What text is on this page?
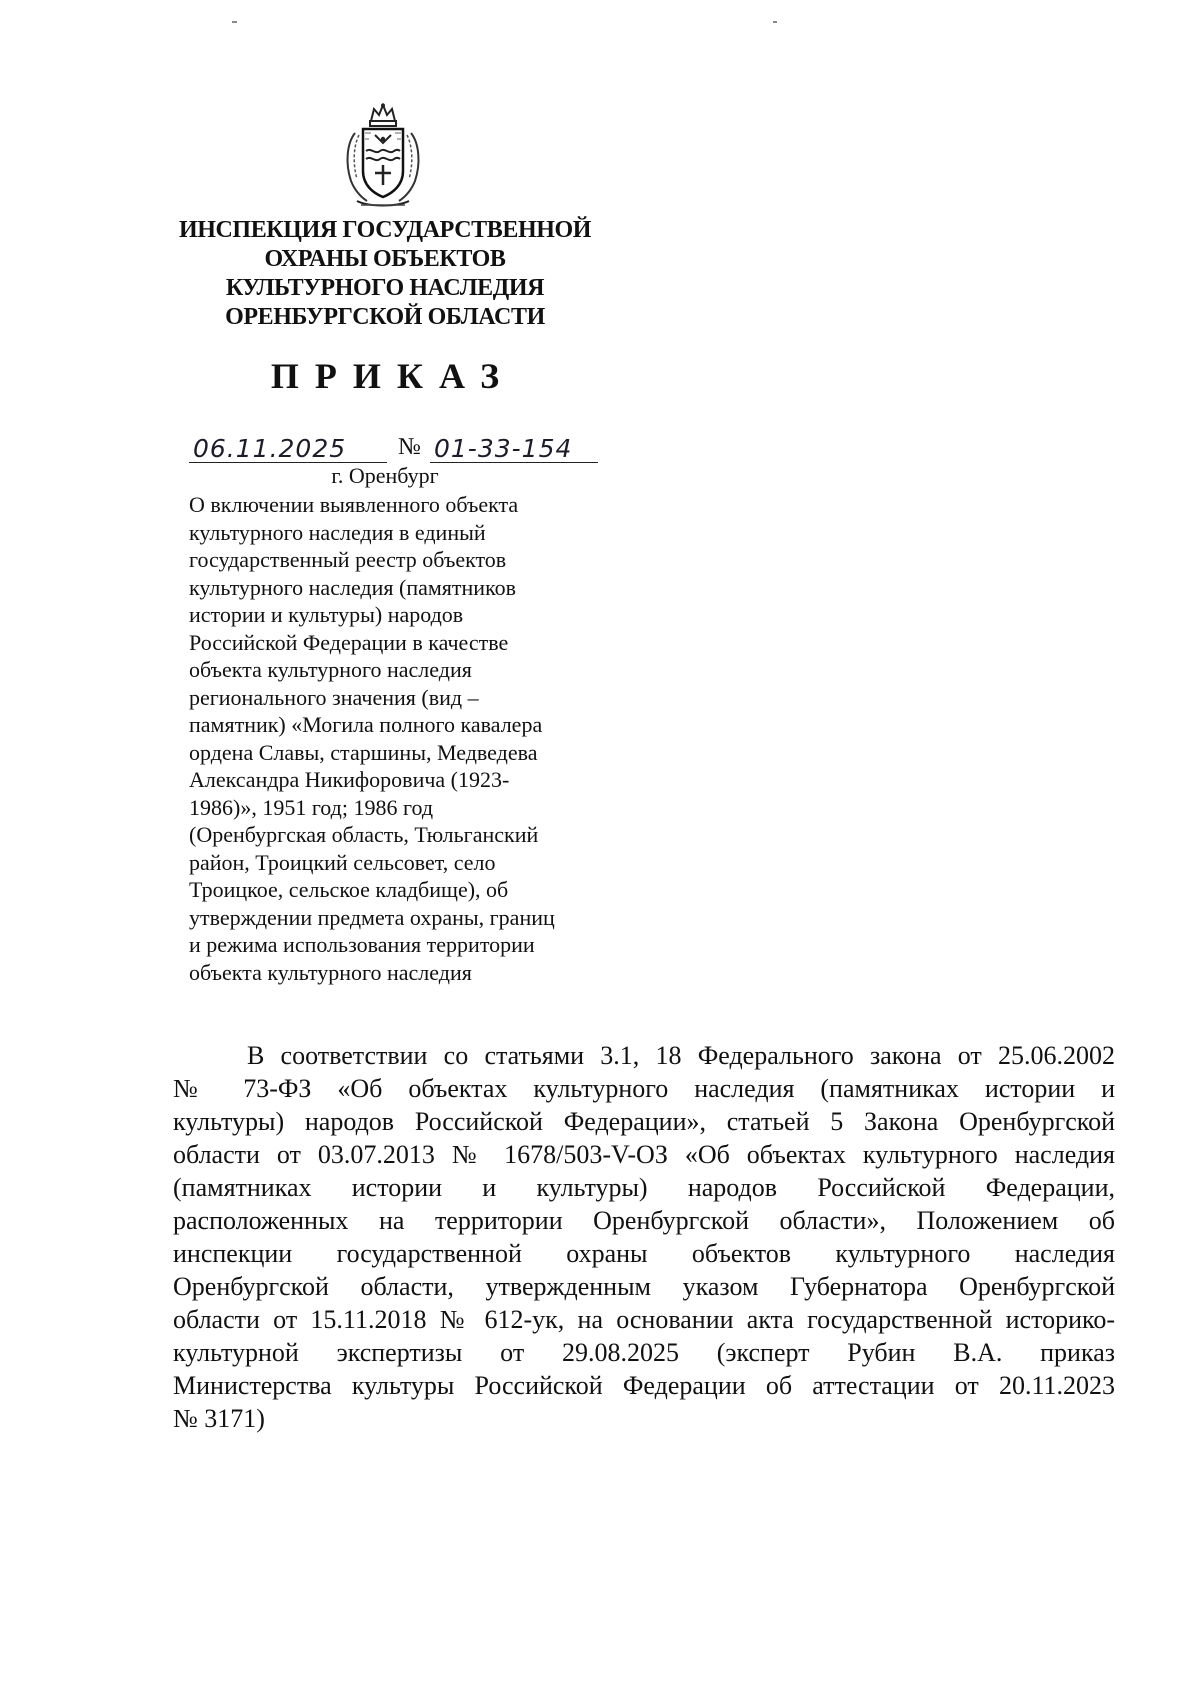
ИНСПЕКЦИЯ ГОСУДАРСТВЕННОЙ
ОХРАНЫ ОБЪЕКТОВ
КУЛЬТУРНОГО НАСЛЕДИЯ
ОРЕНБУРГСКОЙ ОБЛАСТИ
ПРИКАЗ
06.11.2025 № 01-33-154
г. Оренбург
О включении выявленного объекта
культурного наследия в единый
государственный реестр объектов
культурного наследия (памятников
истории и культуры) народов
Российской Федерации в качестве
объекта культурного наследия
регионального значения (вид –
памятник) «Могила полного кавалера
ордена Славы, старшины, Медведева
Александра Никифоровича (1923-
1986)», 1951 год; 1986 год
(Оренбургская область, Тюльганский
район, Троицкий сельсовет, село
Троицкое, сельское кладбище), об
утверждении предмета охраны, границ
и режима использования территории
объекта культурного наследия
В соответствии со статьями 3.1, 18 Федерального закона от 25.06.2002
№ 73-ФЗ «Об объектах культурного наследия (памятниках истории и
культуры) народов Российской Федерации», статьей 5 Закона Оренбургской
области от 03.07.2013 № 1678/503-V-ОЗ «Об объектах культурного наследия
(памятниках истории и культуры) народов Российской Федерации,
расположенных на территории Оренбургской области», Положением об
инспекции государственной охраны объектов культурного наследия
Оренбургской области, утвержденным указом Губернатора Оренбургской
области от 15.11.2018 № 612-ук, на основании акта государственной историко-
культурной экспертизы от 29.08.2025 (эксперт Рубин В.А. приказ
Министерства культуры Российской Федерации об аттестации от 20.11.2023
№ 3171)
